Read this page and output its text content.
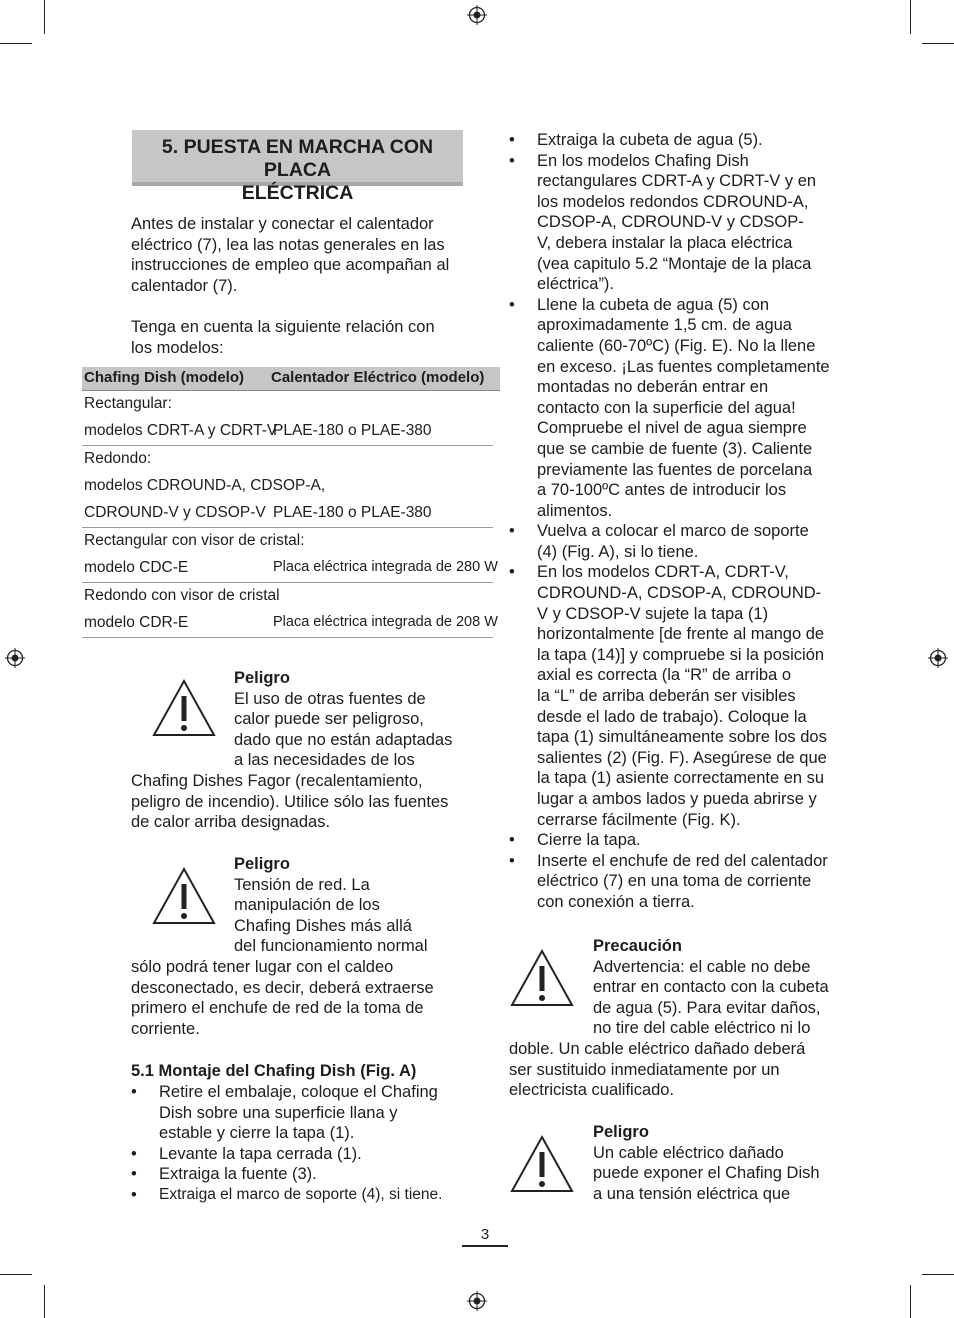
5. PUESTA EN MARCHA CON PLACA
ELÉCTRICA
Antes de instalar y conectar el calentador
eléctrico (7), lea las notas generales en las
instrucciones de empleo que acompañan al
calentador (7).
Tenga en cuenta la siguiente relación con
los modelos:
Chafing Dish (modelo) Calentador Eléctrico (modelo)
Rectangular:
modelos CDRT-A y CDRT-V
PLAE-180 o PLAE-380
Redondo:
modelos CDROUND-A, CDSOP-A,
CDROUND-V y CDSOP-V PLAE-180 o PLAE-380
Rectangular con visor de cristal:
modelo CDC-E	Placa eléctrica integrada de 280 W
Redondo con visor de cristal
modelo CDR-E	Placa eléctrica integrada de 208 W
Peligro
El uso de otras fuentes de
calor puede ser peligroso,
dado que no están adaptadas
a las necesidades de los
Chafing Dishes Fagor (recalentamiento,
peligro de incendio). Utilice sólo las fuentes
de calor arriba designadas.
Peligro
Tensión de red. La
manipulación de los
Chafing Dishes más allá
del funcionamiento normal
sólo podrá tener lugar con el caldeo
desconectado, es decir, deberá extraerse
primero el enchufe de red de la toma de
corriente.
5.1 Montaje del Chafing Dish (Fig. A)
• Retire el embalaje, coloque el Chafing
Dish sobre una superficie llana y
estable y cierre la tapa (1).
• Levante la tapa cerrada (1).
• Extraiga la fuente (3).
• Extraiga el marco de soporte (4), si tiene.
• Extraiga la cubeta de agua (5).
• En los modelos Chafing Dish
rectangulares CDRT-A y CDRT-V y en
los modelos redondos CDROUND-A,
CDSOP-A, CDROUND-V y CDSOP-
V, debera instalar la placa eléctrica
(vea capitulo 5.2 “Montaje de la placa
eléctrica”).
• Llene la cubeta de agua (5) con
aproximadamente 1,5 cm. de agua
caliente (60-70ºC) (Fig. E). No la llene
en exceso. ¡Las fuentes completamente
montadas no deberán entrar en
contacto con la superficie del agua!
Compruebe el nivel de agua siempre
que se cambie de fuente (3). Caliente
previamente las fuentes de porcelana
a 70-100ºC antes de introducir los
alimentos.
• Vuelva a colocar el marco de soporte
(4) (Fig. A), si lo tiene.
• En los modelos CDRT-A, CDRT-V,
CDROUND-A, CDSOP-A, CDROUND-
V y CDSOP-V sujete la tapa (1)
horizontalmente [de frente al mango de
la tapa (14)] y compruebe si la posición
axial es correcta (la “R” de arriba o
la “L” de arriba deberán ser visibles
desde el lado de trabajo). Coloque la
tapa (1) simultáneamente sobre los dos
salientes (2) (Fig. F). Asegúrese de que
la tapa (1) asiente correctamente en su
lugar a ambos lados y pueda abrirse y
cerrarse fácilmente (Fig. K).
• Cierre la tapa.
• Inserte el enchufe de red del calentador
eléctrico (7) en una toma de corriente
con conexión a tierra.
Precaución
Advertencia: el cable no debe
entrar en contacto con la cubeta
de agua (5). Para evitar daños,
no tire del cable eléctrico ni lo
doble. Un cable eléctrico dañado deberá
ser sustituido inmediatamente por un
electricista cualificado.
Peligro
Un cable eléctrico dañado
puede exponer el Chafing Dish
a una tensión eléctrica que
3
